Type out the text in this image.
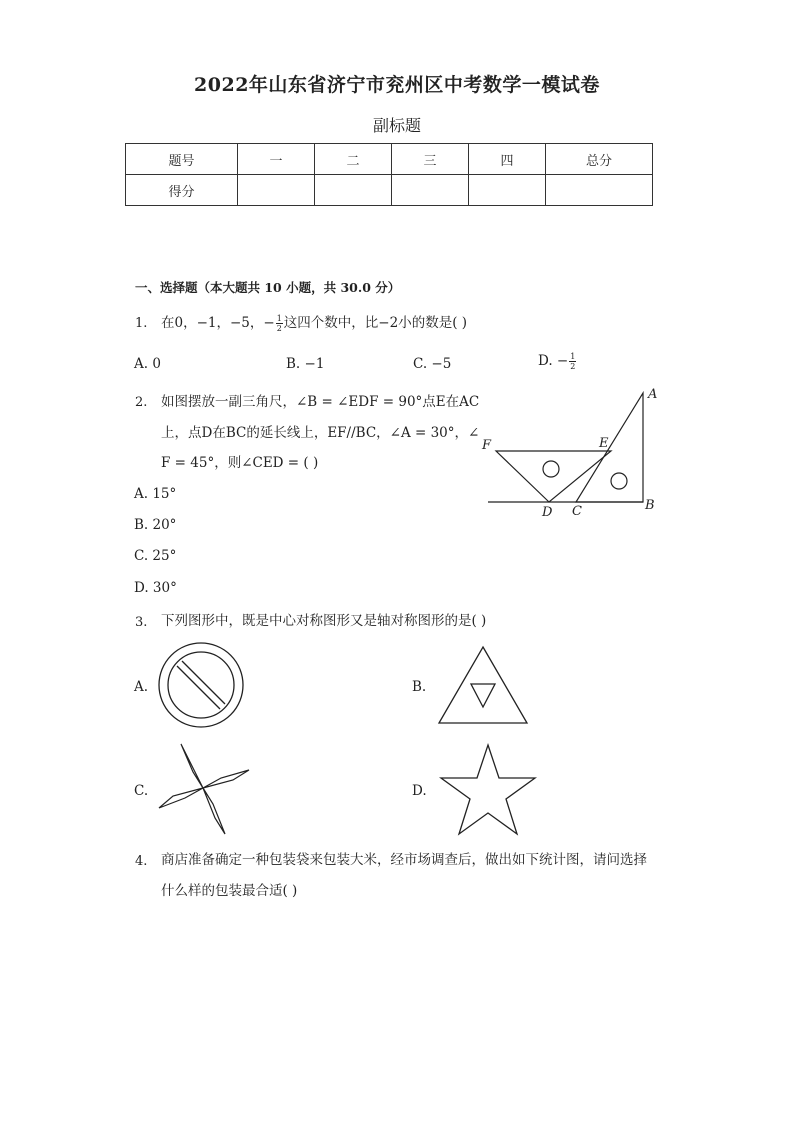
2022年山东省济宁市兖州区中考数学一模试卷
副标题
题号	一	二	三	四	总分
得分					
一、选择题（本大题共 10 小题，共 30.0 分）
1. 在0，−1，−5，− $\frac{1}{2}$ 这四个数中，比−2小的数是( )
A. 0	B. −1	C. −5	D. − $\frac{1}{2}$
2. 如图摆放一副三角尺，∠B = ∠EDF = 90°点E在AC
上，点D在BC的延长线上，EF//BC，∠A = 30°，∠
F = 45°，则∠CED = ( )
A. 15°
B. 20°
C. 25°
D. 30°
A
B
C
D
E
F
3. 下列图形中，既是中心对称图形又是轴对称图形的是( )
A.	B.
C.	D.
4. 商店准备确定一种包装袋来包装大米，经市场调查后，做出如下统计图，请问选择
什么样的包装最合适( )
